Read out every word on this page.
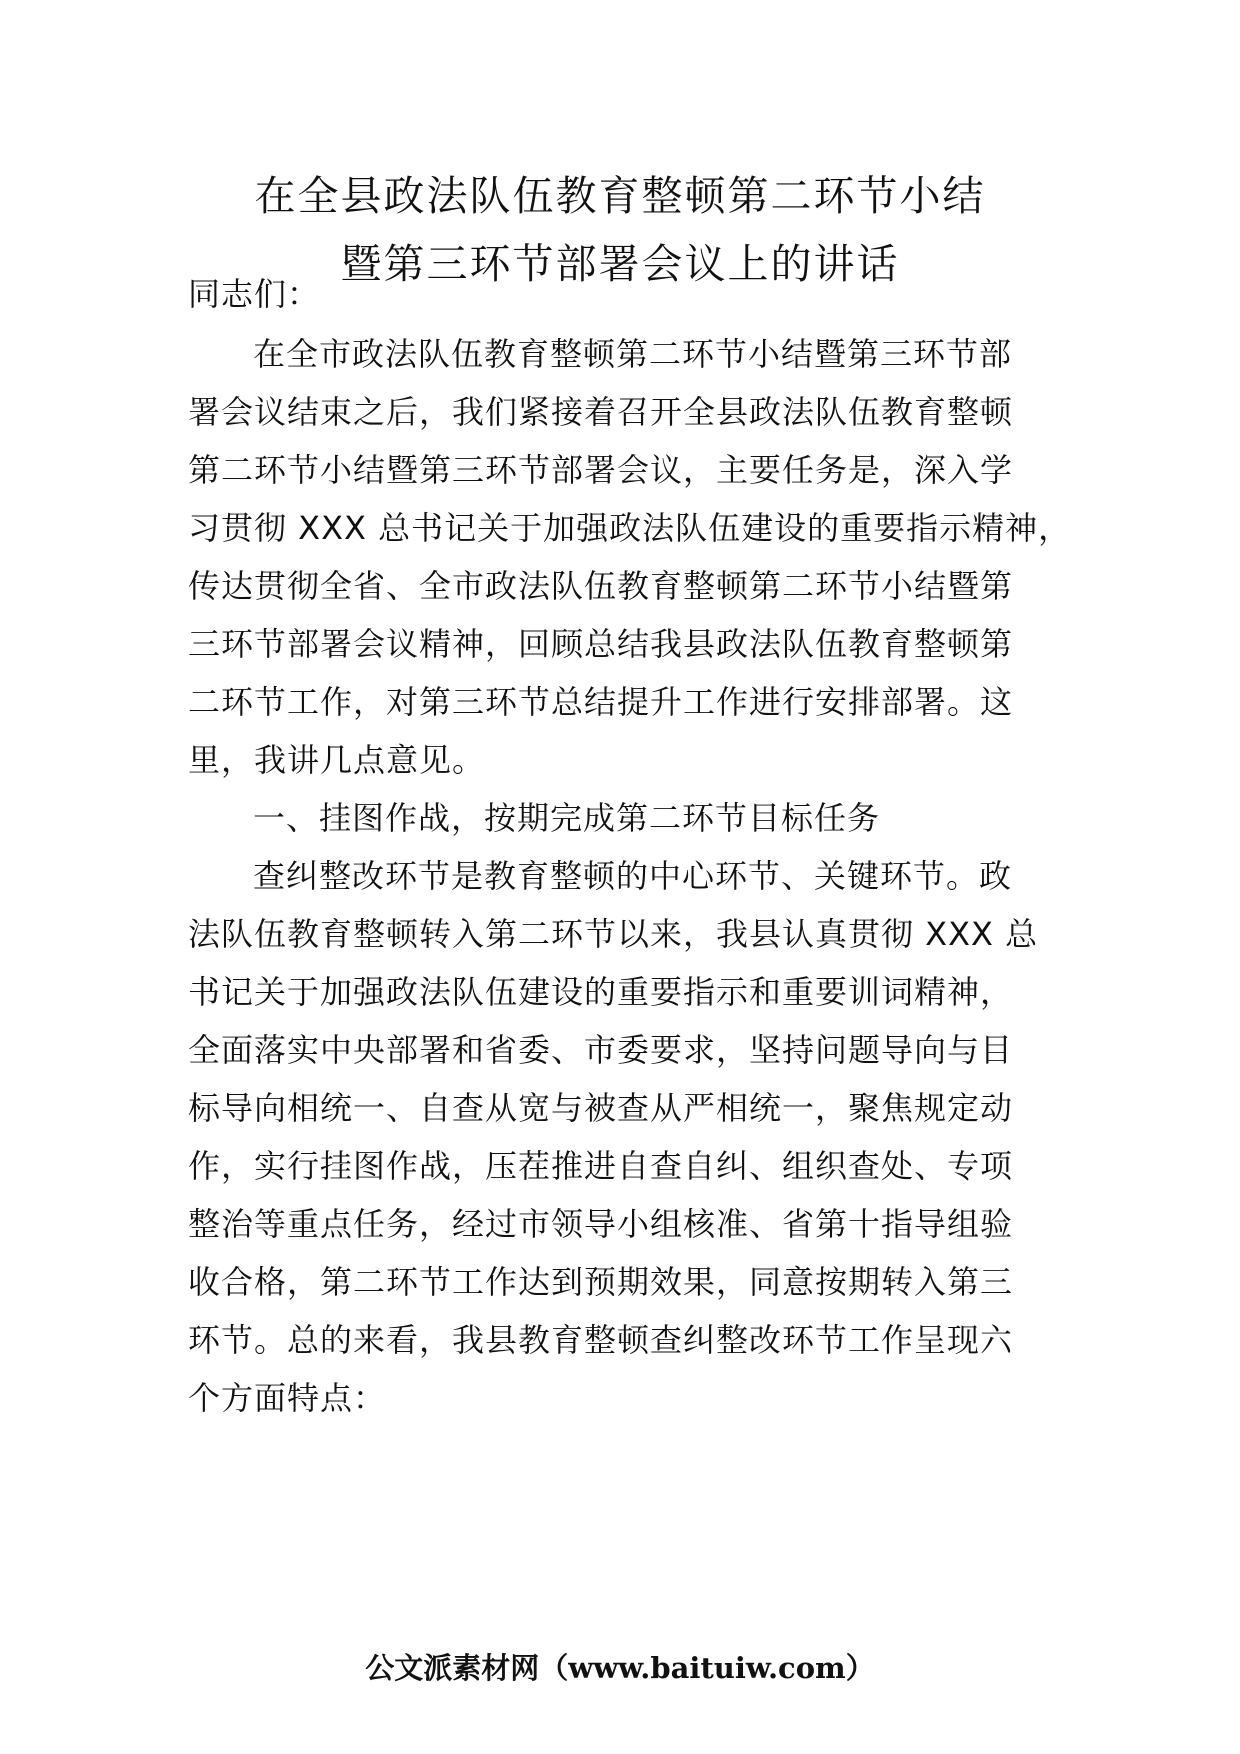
在全县政法队伍教育整顿第二环节小结
暨第三环节部署会议上的讲话
同志们：
在全市政法队伍教育整顿第二环节小结暨第三环节部
署会议结束之后，我们紧接着召开全县政法队伍教育整顿
第二环节小结暨第三环节部署会议，主要任务是，深入学
习贯彻 XXX 总书记关于加强政法队伍建设的重要指示精神，
传达贯彻全省、全市政法队伍教育整顿第二环节小结暨第
三环节部署会议精神，回顾总结我县政法队伍教育整顿第
二环节工作，对第三环节总结提升工作进行安排部署。这
里，我讲几点意见。
一、挂图作战，按期完成第二环节目标任务
查纠整改环节是教育整顿的中心环节、关键环节。政
法队伍教育整顿转入第二环节以来，我县认真贯彻 XXX 总
书记关于加强政法队伍建设的重要指示和重要训词精神，
全面落实中央部署和省委、市委要求，坚持问题导向与目
标导向相统一、自查从宽与被查从严相统一，聚焦规定动
作，实行挂图作战，压茬推进自查自纠、组织查处、专项
整治等重点任务，经过市领导小组核准、省第十指导组验
收合格，第二环节工作达到预期效果，同意按期转入第三
环节。总的来看，我县教育整顿查纠整改环节工作呈现六
个方面特点：
公文派素材网（www.baituiw.com）
